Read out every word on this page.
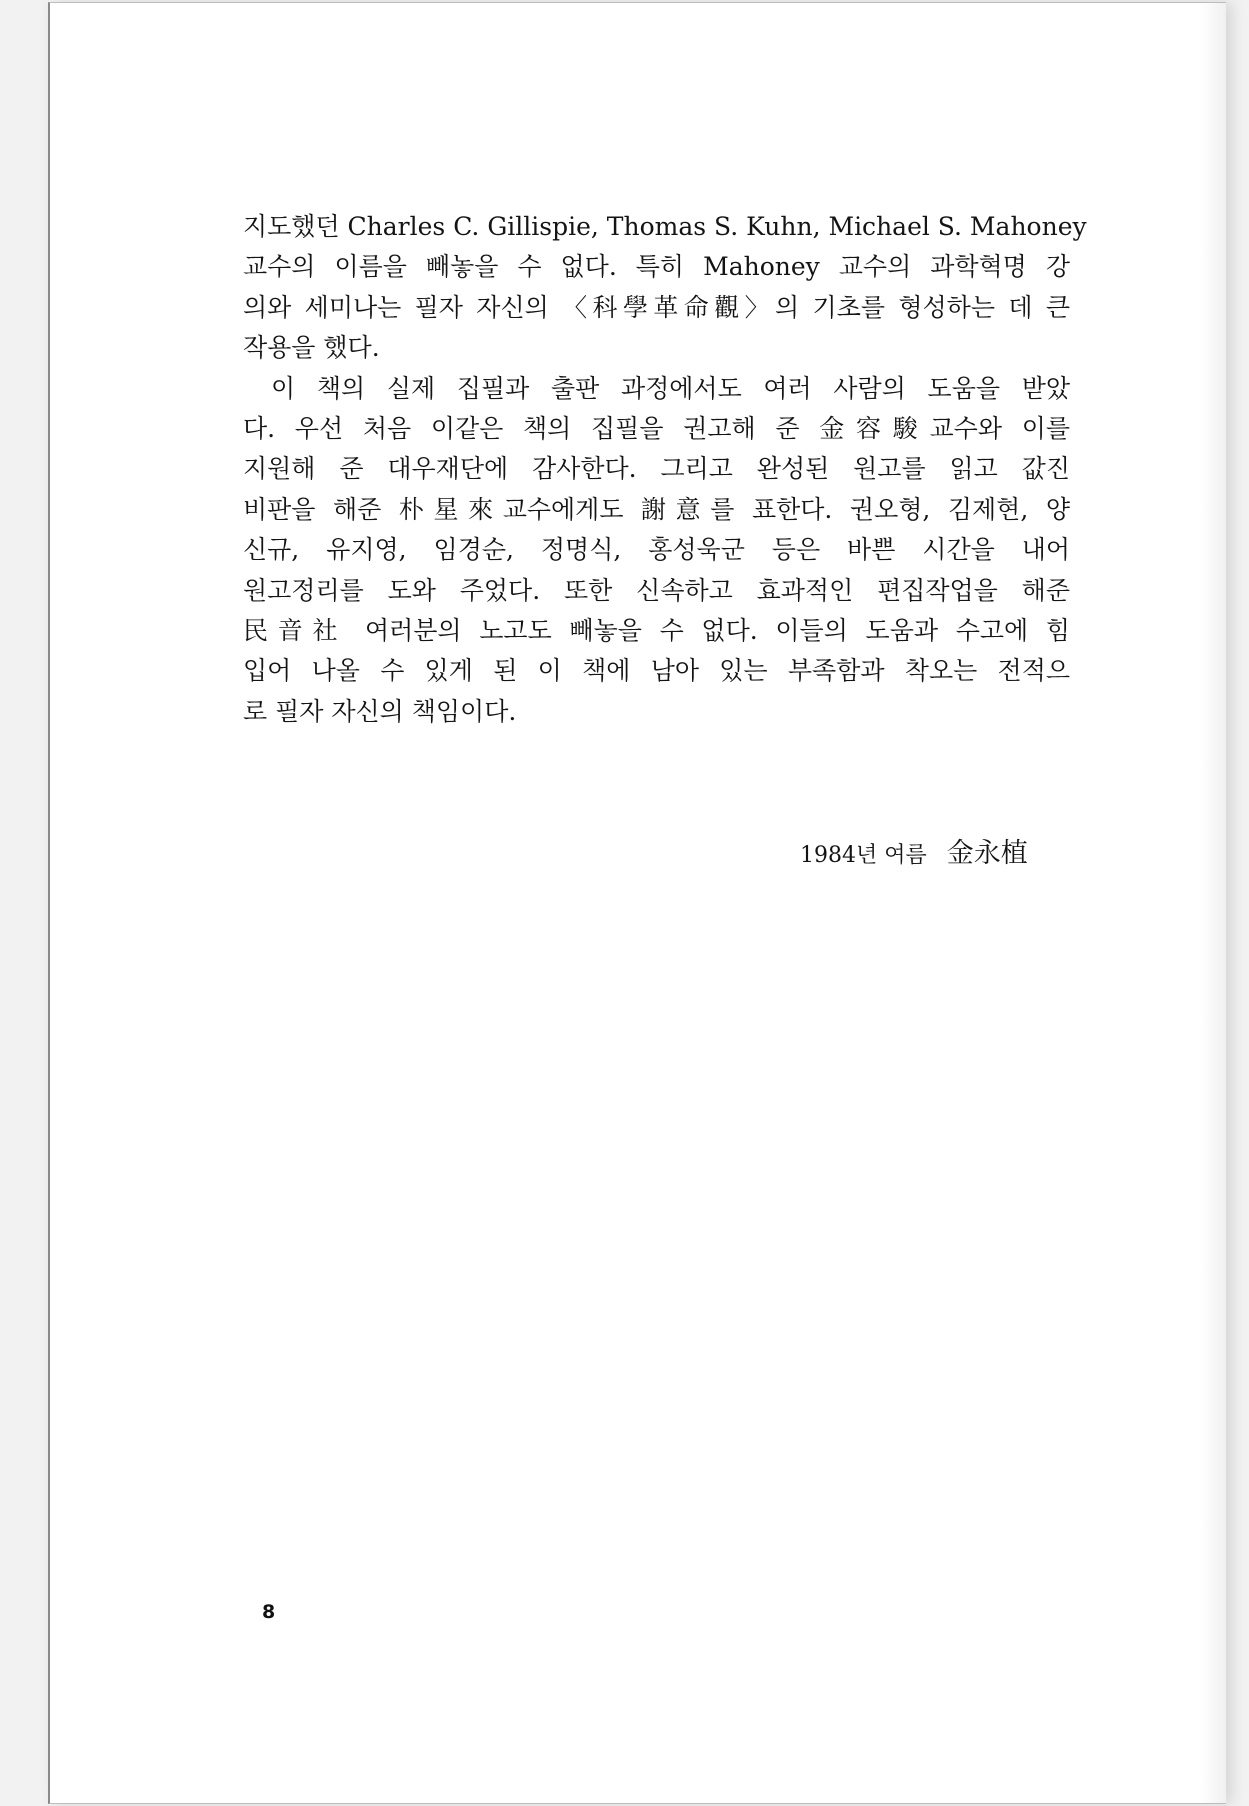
지도했던 Charles C. Gillispie, Thomas S. Kuhn, Michael S. Mahoney
교수의 이름을 빼놓을 수 없다. 특히 Mahoney 교수의 과학혁명 강
의와 세미나는 필자 자신의 〈科學革命觀〉의 기초를 형성하는 데 큰
작용을 했다.
이 책의 실제 집필과 출판 과정에서도 여러 사람의 도움을 받았
다. 우선 처음 이같은 책의 집필을 권고해 준 金容駿교수와 이를
지원해 준 대우재단에 감사한다. 그리고 완성된 원고를 읽고 값진
비판을 해준 朴星來교수에게도 謝意를 표한다. 권오형, 김제현, 양
신규, 유지영, 임경순, 정명식, 홍성욱군 등은 바쁜 시간을 내어
원고정리를 도와 주었다. 또한 신속하고 효과적인 편집작업을 해준
民音社 여러분의 노고도 빼놓을 수 없다. 이들의 도움과 수고에 힘
입어 나올 수 있게 된 이 책에 남아 있는 부족함과 착오는 전적으
로 필자 자신의 책임이다.
1984년 여름 金永植
8
